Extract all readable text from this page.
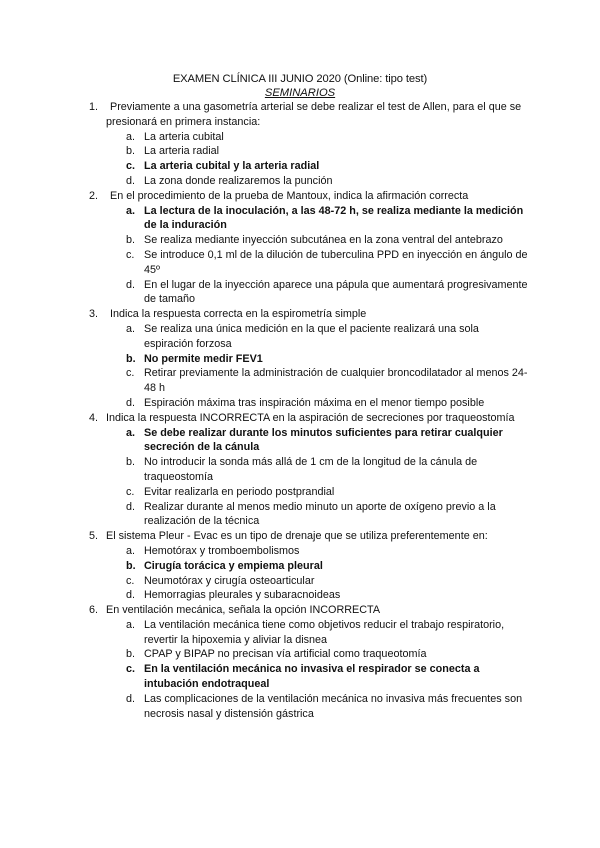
EXAMEN CLÍNICA III JUNIO 2020 (Online: tipo test)
SEMINARIOS
1.	Previamente a una gasometría arterial se debe realizar el test de Allen, para el que se presionará en primera instancia:
a. La arteria cubital
b. La arteria radial
c. La arteria cubital y la arteria radial
d. La zona donde realizaremos la punción
2.	En el procedimiento de la prueba de Mantoux, indica la afirmación correcta
a. La lectura de la inoculación, a las 48-72 h, se realiza mediante la medición de la induración
b. Se realiza mediante inyección subcutánea en la zona ventral del antebrazo
c. Se introduce 0,1 ml de la dilución de tuberculina PPD en inyección en ángulo de 45º
d. En el lugar de la inyección aparece una pápula que aumentará progresivamente de tamaño
3.	Indica la respuesta correcta en la espirometría simple
a. Se realiza una única medición en la que el paciente realizará una sola espiración forzosa
b. No permite medir FEV1
c. Retirar previamente la administración de cualquier broncodilatador al menos 24-48 h
d. Espiración máxima tras inspiración máxima en el menor tiempo posible
4. Indica la respuesta INCORRECTA en la aspiración de secreciones por traqueostomía
a. Se debe realizar durante los minutos suficientes para retirar cualquier secreción de la cánula
b. No introducir la sonda más allá de 1 cm de la longitud de la cánula de traqueostomía
c. Evitar realizarla en periodo postprandial
d. Realizar durante al menos medio minuto un aporte de oxígeno previo a la realización de la técnica
5. El sistema Pleur - Evac es un tipo de drenaje que se utiliza preferentemente en:
a. Hemotórax y tromboembolismos
b. Cirugía torácica y empiema pleural
c. Neumotórax y cirugía osteoarticular
d. Hemorragias pleurales y subaracnoideas
6. En ventilación mecánica, señala la opción INCORRECTA
a. La ventilación mecánica tiene como objetivos reducir el trabajo respiratorio, revertir la hipoxemia y aliviar la disnea
b. CPAP y BIPAP no precisan vía artificial como traqueotomía
c. En la ventilación mecánica no invasiva el respirador se conecta a intubación endotraqueal
d. Las complicaciones de la ventilación mecánica no invasiva más frecuentes son necrosis nasal y distensión gástrica
